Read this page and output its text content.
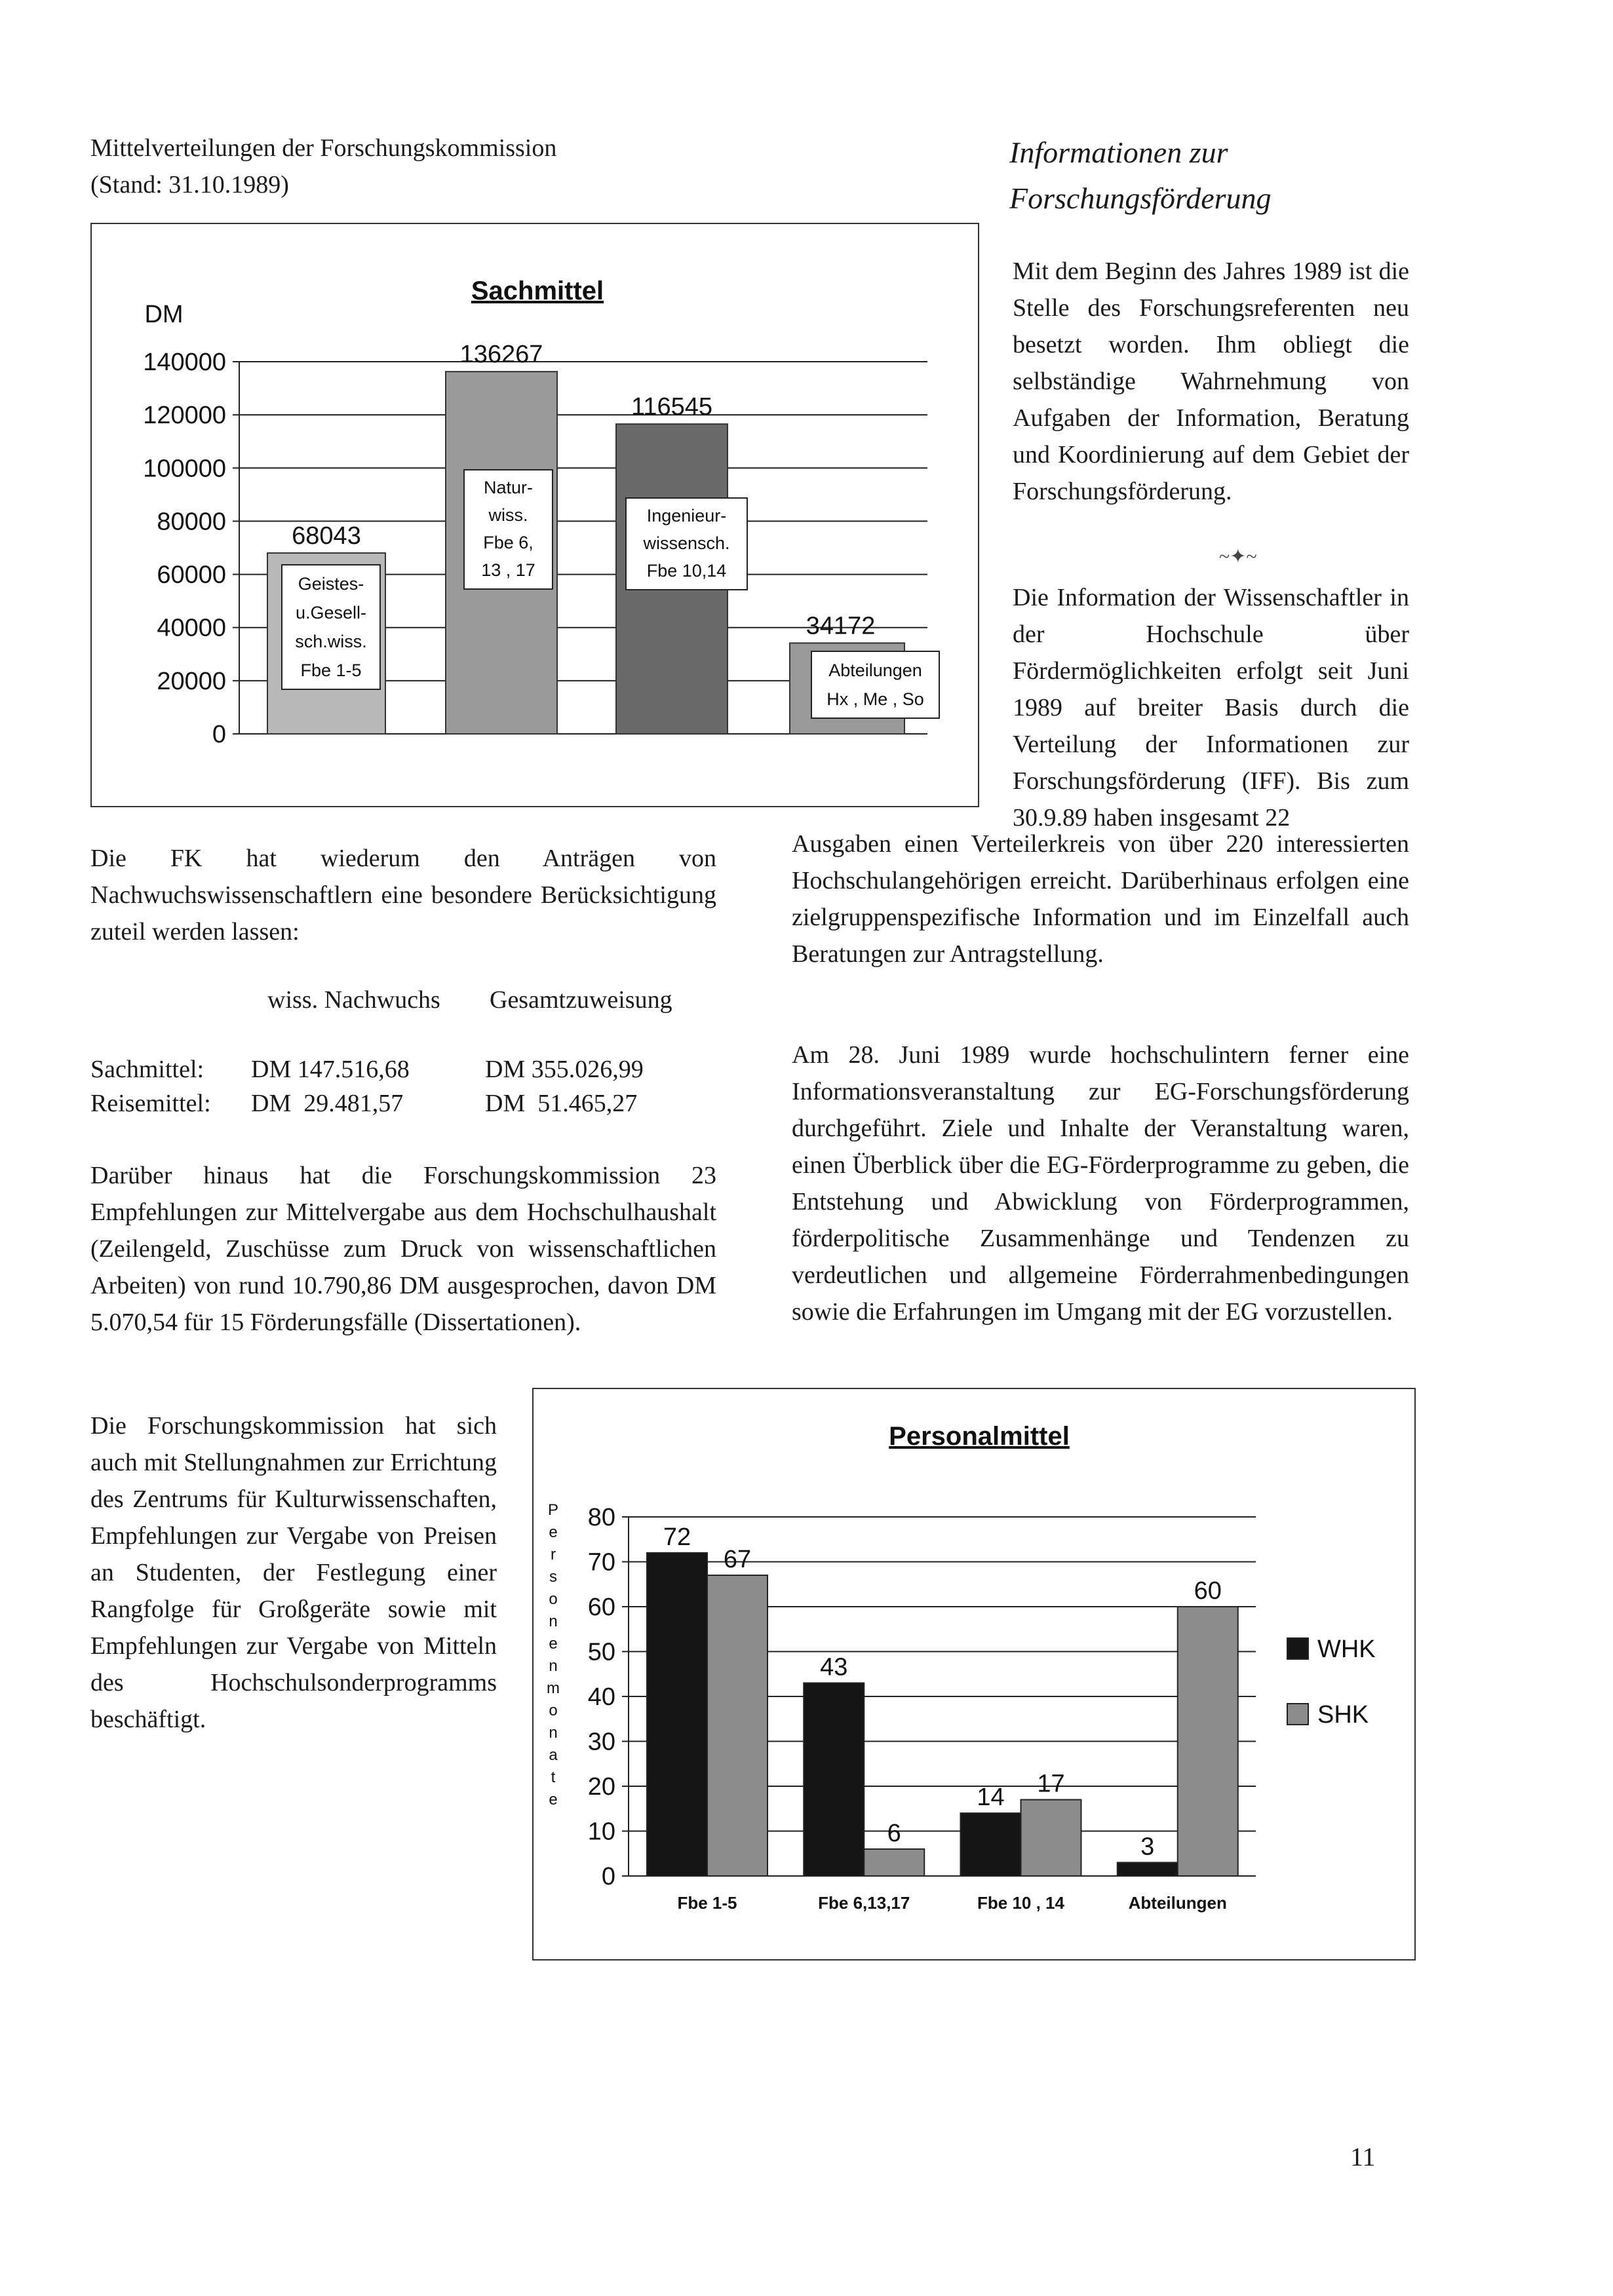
Mittelverteilungen der Forschungskommission
(Stand: 31.10.1989)
Sachmittel
DM
0
20000
40000
60000
80000
100000
120000
140000
68043
Geistes-
u.Gesell-
sch.wiss.
Fbe 1-5
136267
Natur-
wiss.
Fbe 6,
13 , 17
116545
Ingenieur-
wissensch.
Fbe 10,14
34172
Abteilungen
Hx , Me , So
Informationen zur
Forschungsförderung
Mit dem Beginn des Jahres 1989 ist die Stelle des Forschungsreferenten neu besetzt worden. Ihm obliegt die selbständige Wahrnehmung von Aufgaben der Information, Beratung und Koordinierung auf dem Gebiet der Forschungsförderung.
~✦~
Die Information der Wissenschaftler in der Hochschule über Fördermöglichkeiten erfolgt seit Juni 1989 auf breiter Basis durch die Verteilung der Informationen zur Forschungsförderung (IFF). Bis zum 30.9.89 haben insgesamt 22
Ausgaben einen Verteilerkreis von über 220 interessierten Hochschulangehörigen erreicht. Darüberhinaus erfolgen eine zielgruppenspezifische Information und im Einzelfall auch Beratungen zur Antragstellung.
Am 28. Juni 1989 wurde hochschulintern ferner eine Informationsveranstaltung zur EG-Forschungsförderung durchgeführt. Ziele und Inhalte der Veranstaltung waren, einen Überblick über die EG-Förderprogramme zu geben, die Entstehung und Abwicklung von Förderprogrammen, förderpolitische Zusammenhänge und Tendenzen zu verdeutlichen und allgemeine Förderrahmenbedingungen sowie die Erfahrungen im Umgang mit der EG vorzustellen.
Die FK hat wiederum den Anträgen von Nachwuchswissenschaftlern eine besondere Berücksichtigung zuteil werden lassen:
wiss. Nachwuchs Gesamtzuweisung
Sachmittel: DM 147.516,68	DM 355.026,99
Reisemittel: DM  29.481,57	DM  51.465,27
Darüber hinaus hat die Forschungskommission 23 Empfehlungen zur Mittelvergabe aus dem Hochschulhaushalt (Zeilengeld, Zuschüsse zum Druck von wissenschaftlichen Arbeiten) von rund 10.790,86 DM ausgesprochen, davon DM 5.070,54 für 15 Förderungsfälle (Dissertationen).
Die Forschungskommission hat sich auch mit Stellungnahmen zur Errichtung des Zentrums für Kulturwissenschaften, Empfehlungen zur Vergabe von Preisen an Studenten, der Festlegung einer Rangfolge für Großgeräte sowie mit Empfehlungen zur Vergabe von Mitteln des Hochschulsonderprogramms beschäftigt.
Personalmittel
P
e
r
s
o
n
e
n
m
o
n
a
t
e
0
10
20
30
40
50
60
70
80
72
67
Fbe 1-5
43
6
Fbe 6,13,17
14 17
Fbe 10 , 14
3
60
Abteilungen
WHK
SHK
11
